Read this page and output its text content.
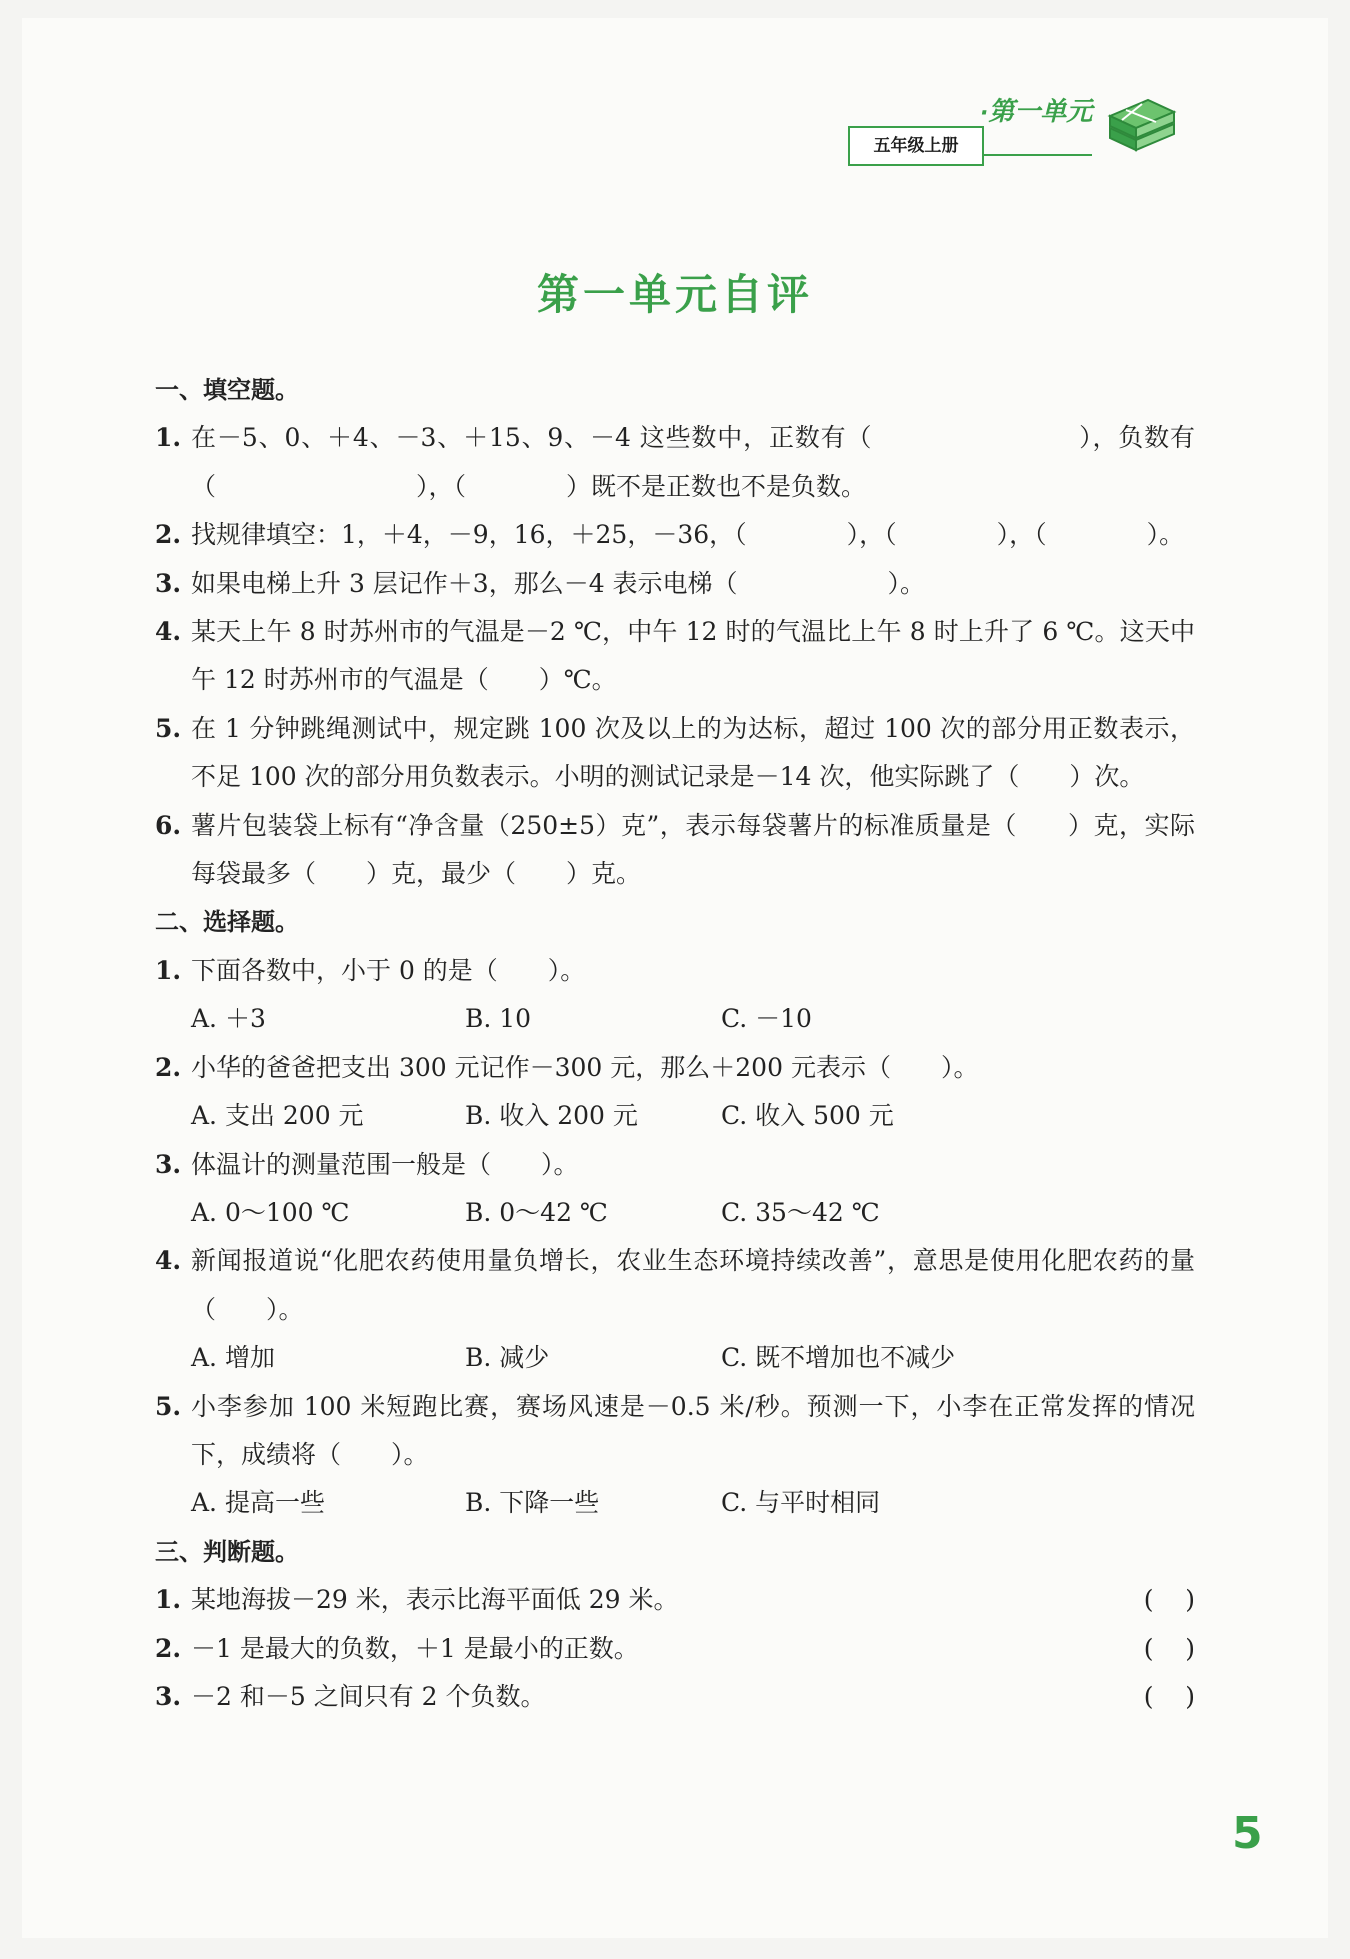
五年级上册
·第一单元
第一单元自评
一、填空题。
1. 在－5、0、＋4、－3、＋15、9、－4 这些数中，正数有（　　　　　　　　），负数有（　　　　　　　　），（　　　　）既不是正数也不是负数。
2. 找规律填空：1，＋4，－9，16，＋25，－36，（　　　　），（　　　　），（　　　　）。
3. 如果电梯上升 3 层记作＋3，那么－4 表示电梯（　　　　　　）。
4. 某天上午 8 时苏州市的气温是－2 ℃，中午 12 时的气温比上午 8 时上升了 6 ℃。这天中午 12 时苏州市的气温是（　　）℃。
5. 在 1 分钟跳绳测试中，规定跳 100 次及以上的为达标，超过 100 次的部分用正数表示，不足 100 次的部分用负数表示。小明的测试记录是－14 次，他实际跳了（　　）次。
6. 薯片包装袋上标有“净含量（250±5）克”，表示每袋薯片的标准质量是（　　）克，实际每袋最多（　　）克，最少（　　）克。
二、选择题。
1. 下面各数中，小于 0 的是（　　）。
A. ＋3	B. 10	C. －10
2. 小华的爸爸把支出 300 元记作－300 元，那么＋200 元表示（　　）。
A. 支出 200 元	B. 收入 200 元	C. 收入 500 元
3. 体温计的测量范围一般是（　　）。
A. 0～100 ℃	B. 0～42 ℃	C. 35～42 ℃
4. 新闻报道说“化肥农药使用量负增长，农业生态环境持续改善”，意思是使用化肥农药的量（　　）。
A. 增加	B. 减少	C. 既不增加也不减少
5. 小李参加 100 米短跑比赛，赛场风速是－0.5 米/秒。预测一下，小李在正常发挥的情况下，成绩将（　　）。
A. 提高一些	B. 下降一些	C. 与平时相同
三、判断题。
1. 某地海拔－29 米，表示比海平面低 29 米。	(    )
2. －1 是最大的负数，＋1 是最小的正数。	(    )
3. －2 和－5 之间只有 2 个负数。	(    )
5
